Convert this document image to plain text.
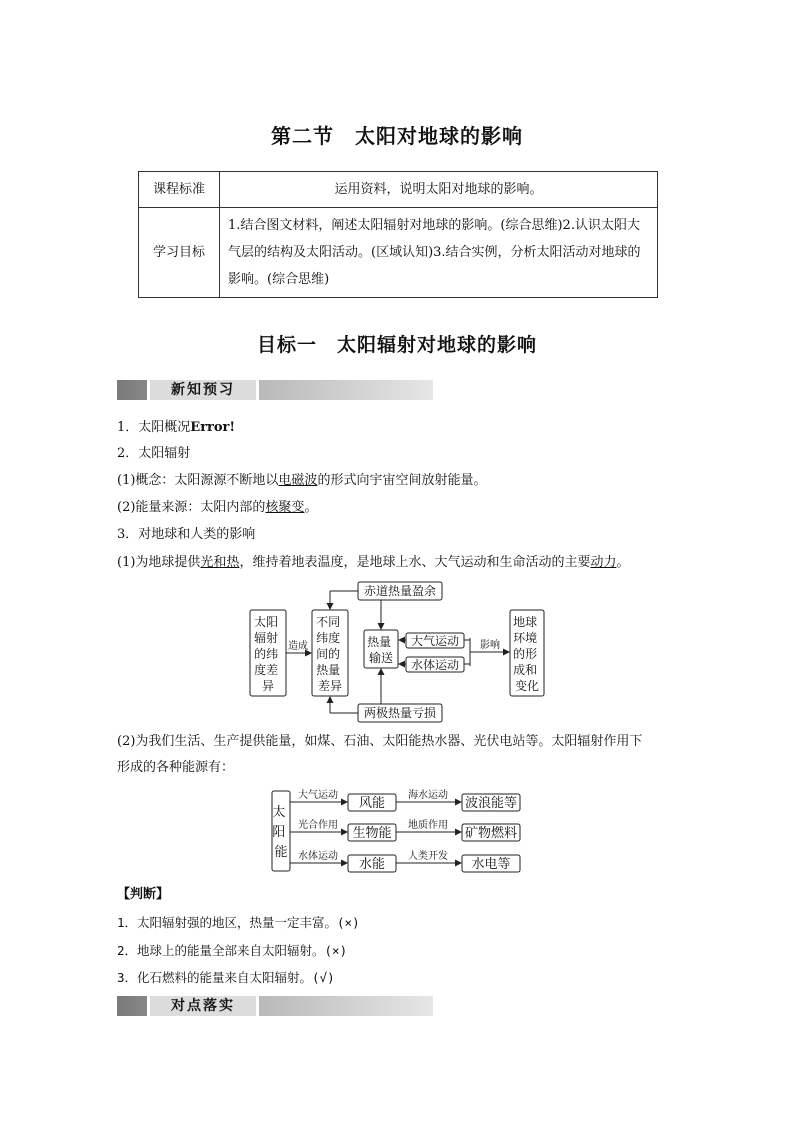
第二节　太阳对地球的影响
课程标准	运用资料，说明太阳对地球的影响。
学习目标	1.结合图文材料，阐述太阳辐射对地球的影响。(综合思维)2.认识太阳大气层的结构及太阳活动。(区域认知)3.结合实例，分析太阳活动对地球的影响。(综合思维)
目标一　太阳辐射对地球的影响
新知预习
1．太阳概况Error!
2．太阳辐射
(1)概念：太阳源源不断地以电磁波的形式向宇宙空间放射能量。
(2)能量来源：太阳内部的核聚变。
3．对地球和人类的影响
(1)为地球提供光和热，维持着地表温度，是地球上水、大气运动和生命活动的主要动力。
太阳 辐射 的纬 度差 异
不同 纬度 间的 热量 差异
赤道热量盈余
两极热量亏损
热量 输送
大气运动
水体运动
地球 环境 的形 成和 变化
造成	影响
(2)为我们生活、生产提供能量，如煤、石油、太阳能热水器、光伏电站等。太阳辐射作用下
形成的各种能源有：
太 阳 能
风能
生物能
水能
波浪能等
矿物燃料
水电等
大气运动
光合作用
水体运动
海水运动
地质作用
人类开发
【判断】
1．太阳辐射强的地区，热量一定丰富。(×)
2．地球上的能量全部来自太阳辐射。(×)
3．化石燃料的能量来自太阳辐射。(√)
对点落实
